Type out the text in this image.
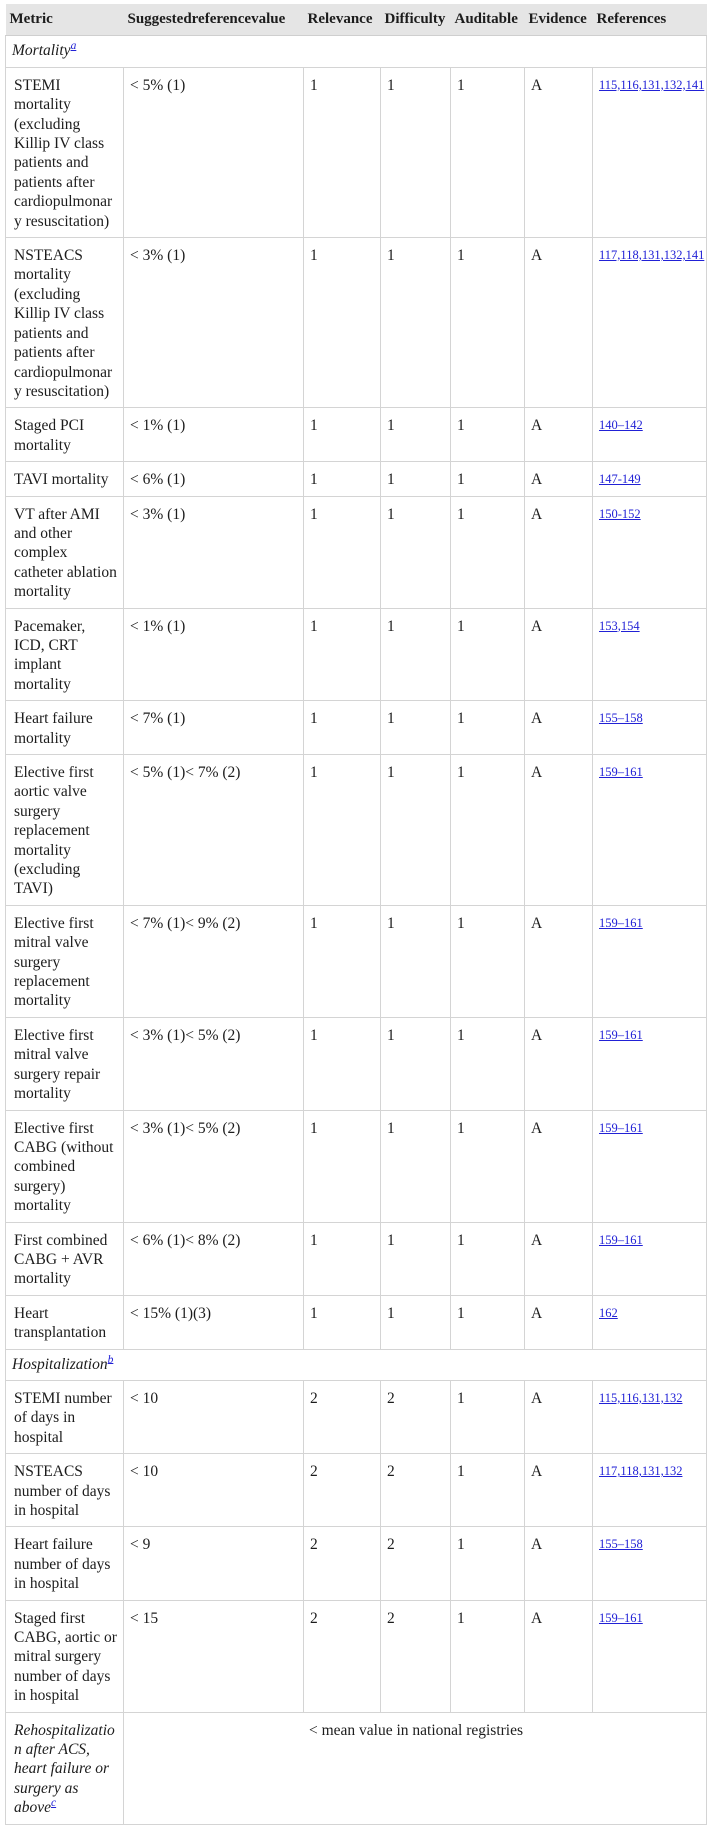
Metric	Suggestedreferencevalue	Relevance	Difficulty	Auditable	Evidence	References
Mortality$^a$
STEMI mortality (excluding Killip IV class patients and patients after cardiopulmonary resuscitation)	< 5% (1)	1	1	1	A	115,116,131,132,141
NSTEACS mortality (excluding Killip IV class patients and patients after cardiopulmonary resuscitation)	< 3% (1)	1	1	1	A	117,118,131,132,141
Staged PCI mortality	< 1% (1)	1	1	1	A	140–142
TAVI mortality	< 6% (1)	1	1	1	A	147-149
VT after AMI and other complex catheter ablation mortality	< 3% (1)	1	1	1	A	150-152
Pacemaker, ICD, CRT implant mortality	< 1% (1)	1	1	1	A	153,154
Heart failure mortality	< 7% (1)	1	1	1	A	155–158
Elective first aortic valve surgery replacement mortality (excluding TAVI)	< 5% (1)< 7% (2)	1	1	1	A	159–161
Elective first mitral valve surgery replacement mortality	< 7% (1)< 9% (2)	1	1	1	A	159–161
Elective first mitral valve surgery repair mortality	< 3% (1)< 5% (2)	1	1	1	A	159–161
Elective first CABG (without combined surgery) mortality	< 3% (1)< 5% (2)	1	1	1	A	159–161
First combined CABG + AVR mortality	< 6% (1)< 8% (2)	1	1	1	A	159–161
Heart transplantation	< 15% (1)(3)	1	1	1	A	162
Hospitalization$^b$
STEMI number of days in hospital	< 10	2	2	1	A	115,116,131,132
NSTEACS number of days in hospital	< 10	2	2	1	A	117,118,131,132
Heart failure number of days in hospital	< 9	2	2	1	A	155–158
Staged first CABG, aortic or mitral surgery number of days in hospital	< 15	2	2	1	A	159–161
Rehospitalization after ACS, heart failure or surgery as above$^c$	< mean value in national registries					
